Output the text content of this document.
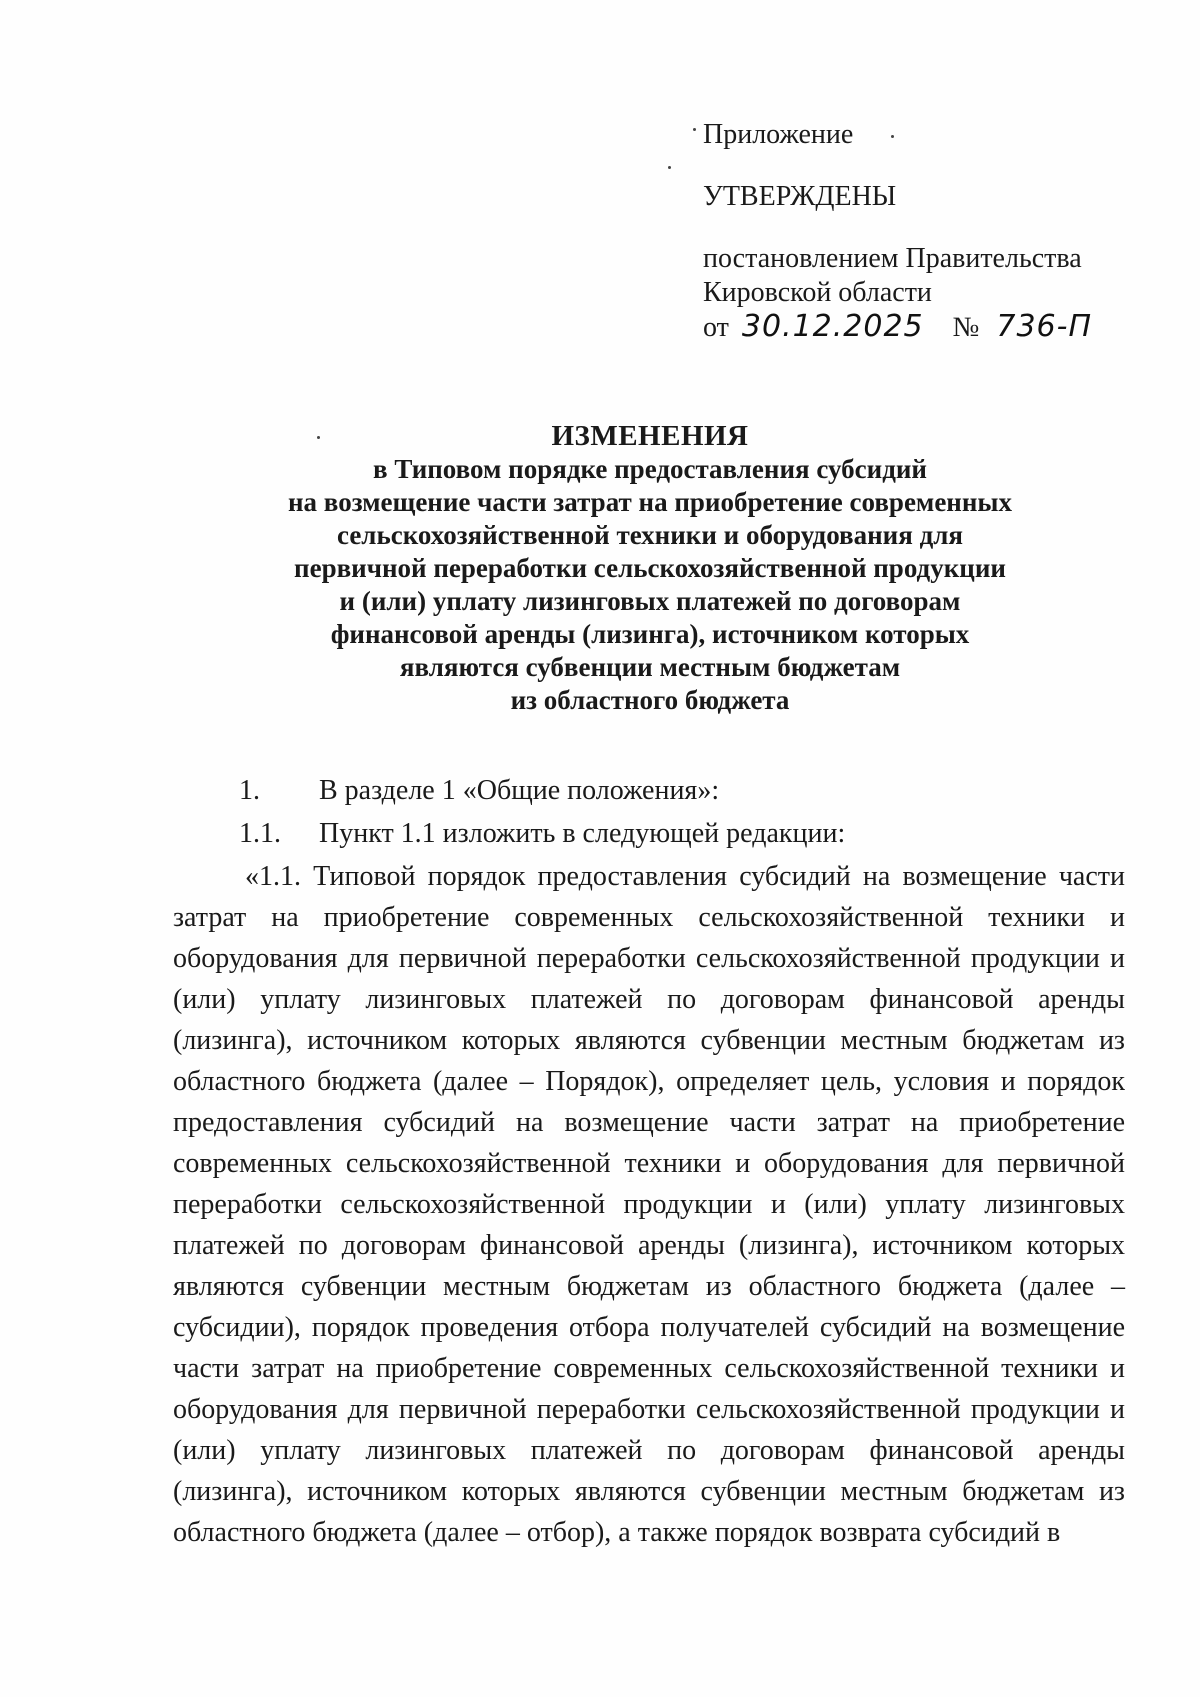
Приложение

УТВЕРЖДЕНЫ

постановлением Правительства

Кировской области

от 30.12.2025 № 736-П

ИЗМЕНЕНИЯ
в Типовом порядке предоставления субсидий
на возмещение части затрат на приобретение современных
сельскохозяйственной техники и оборудования для
первичной переработки сельскохозяйственной продукции
и (или) уплату лизинговых платежей по договорам
финансовой аренды (лизинга), источником которых
являются субвенции местным бюджетам
из областного бюджета
1.	В разделе 1 «Общие положения»:
1.1.	Пункт 1.1 изложить в следующей редакции:

«1.1. Типовой порядок предоставления субсидий на возмещение части затрат на приобретение современных сельскохозяйственной техники и оборудования для первичной переработки сельскохозяйственной продукции и (или) уплату лизинговых платежей по договорам финансовой аренды (лизинга), источником которых являются субвенции местным бюджетам из областного бюджета (далее – Порядок), определяет цель, условия и порядок предоставления субсидий на возмещение части затрат на приобретение современных сельскохозяйственной техники и оборудования для первичной переработки сельскохозяйственной продукции и (или) уплату лизинговых платежей по договорам финансовой аренды (лизинга), источником которых являются субвенции местным бюджетам из областного бюджета (далее – субсидии), порядок проведения отбора получателей субсидий на возмещение части затрат на приобретение современных сельскохозяйственной техники и оборудования для первичной переработки сельскохозяйственной продукции и (или) уплату лизинговых платежей по договорам финансовой аренды (лизинга), источником которых являются субвенции местным бюджетам из областного бюджета (далее – отбор), а также порядок возврата субсидий в
